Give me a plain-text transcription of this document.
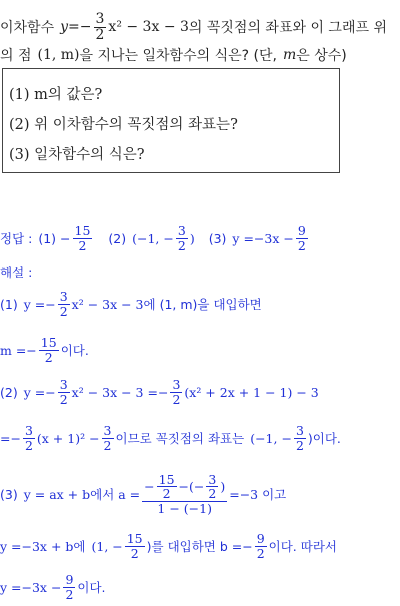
이차함수 $y =- \frac{3}{2} x^2 - 3x - 3$ 의 꼭짓점의 좌표와 이 그래프 위
의 점 (1, m) 을 지나는 일차함수의 식은? (단, m 은 상수)
(1) m의 값은?
(2) 위 이차함수의 꼭짓점의 좌표는?
(3) 일차함수의 식은?
정답 : $(1) - \frac{15}{2} (2) (-1$, − $\frac{3}{2}$ ) (3) $y =-3x - \frac{9}{2}$
해설 :
(1) $y =- \frac{3}{2} x^2 - 3x - 3$ 에 (1, m)을 대입하면
$m =- \frac{15}{2}$ 이다.
(2) $y =- \frac{3}{2} x^2 - 3x - 3 =- \frac{3}{2} (x^2 + 2x + 1 - 1) - 3$
=− $\frac{3}{2} (x + 1)^2 - \frac{3}{2}$ 이므로 꼭짓점의 좌표는 (−1, − $\frac{3}{2}$ )이다.
(3) y = ax + b에서 a =
− $\frac{15}{2}$ −(− $\frac{3}{2}$ )
1 − (−1)
=−3 이고
y =−3x + b에 (1, − $\frac{15}{2}$ )를 대입하면 $b =- \frac{9}{2}$ 이다. 따라서
$y =-3x - \frac{9}{2}$ 이다.
